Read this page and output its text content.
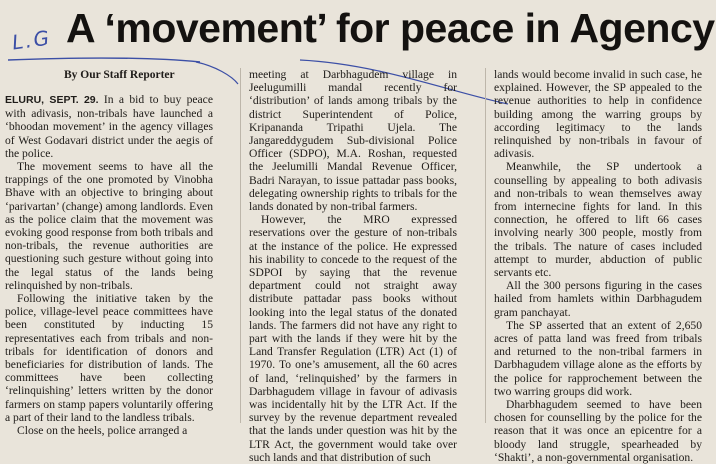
L.G A ‘movement’ for peace in Agency
By Our Staff Reporter

ELURU, SEPT. 29. In a bid to buy peace with adivasis, non-tribals have launched a ‘bhoodan movement’ in the agency villages of West Godavari district under the aegis of the police.

The movement seems to have all the trappings of the one promoted by Vinobha Bhave with an objective to bringing about ‘parivartan’ (change) among landlords. Even as the police claim that the movement was evoking good response from both tribals and non-tribals, the revenue authorities are questioning such gesture without going into the legal status of the lands being relinquished by non-tribals.

Following the initiative taken by the police, village-level peace committees have been constituted by inducting 15 representatives each from tribals and non-tribals for identification of donors and beneficiaries for distribution of lands. The committees have been collecting ‘relinquishing’ letters written by the donor farmers on stamp papers voluntarily offering a part of their land to the landless tribals.

Close on the heels, police arranged a

meeting at Darbhagudem village in Jeelugumilli mandal recently for ‘distribution’ of lands among tribals by the district Superintendent of Police, Kripananda Tripathi Ujela. The Jangareddygudem Sub-divisional Police Officer (SDPO), M.A. Roshan, requested the Jeelumilli Mandal Revenue Officer, Badri Narayan, to issue pattadar pass books, delegating ownership rights to tribals for the lands donated by non-tribal farmers.

However, the MRO expressed reservations over the gesture of non-tribals at the instance of the police. He expressed his inability to concede to the request of the SDPOI by saying that the revenue department could not straight away distribute pattadar pass books without looking into the legal status of the donated lands. The farmers did not have any right to part with the lands if they were hit by the Land Transfer Regulation (LTR) Act (1) of 1970. To one’s amusement, all the 60 acres of land, ‘relinquished’ by the farmers in Darbhagudem village in favour of adivasis was incidentally hit by the LTR Act. If the survey by the revenue department revealed that the lands under question was hit by the LTR Act, the government would take over such lands and that distribution of such

lands would become invalid in such case, he explained. However, the SP appealed to the revenue authorities to help in confidence building among the warring groups by according legitimacy to the lands relinquished by non-tribals in favour of adivasis.

Meanwhile, the SP undertook a counselling by appealing to both adivasis and non-tribals to wean themselves away from internecine fights for land. In this connection, he offered to lift 66 cases involving nearly 300 people, mostly from the tribals. The nature of cases included attempt to murder, abduction of public servants etc.

All the 300 persons figuring in the cases hailed from hamlets within Darbhagudem gram panchayat.

The SP asserted that an extent of 2,650 acres of patta land was freed from tribals and returned to the non-tribal farmers in Darbhagudem village alone as the efforts by the police for rapprochement between the two warring groups did work.

Dharbhagudem seemed to have been chosen for counselling by the police for the reason that it was once an epicentre for a bloody land struggle, spearheaded by ‘Shakti’, a non-governmental organisation.
